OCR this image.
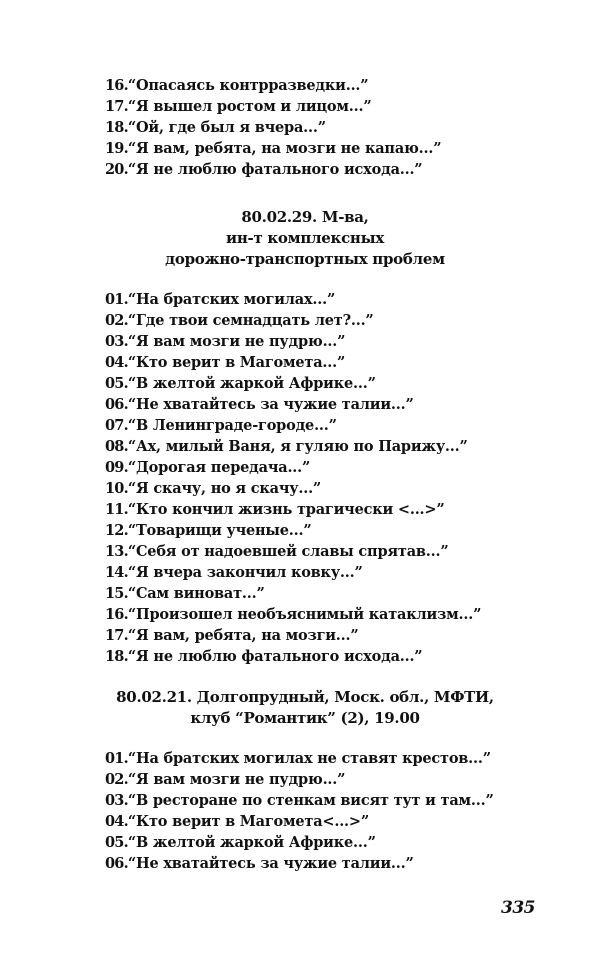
16.“Опасаясь контрразведки...”
17.“Я вышел ростом и лицом...”
18.“Ой, где был я вчера...”
19.“Я вам, ребята, на мозги не капаю...”
20.“Я не люблю фатального исхода...”
80.02.29. М-ва,
ин-т комплексных
дорожно-транспортных проблем
01.“На братских могилах...”
02.“Где твои семнадцать лет?...”
03.“Я вам мозги не пудрю...”
04.“Кто верит в Магомета...”
05.“В желтой жаркой Африке...”
06.“Не хватайтесь за чужие талии...”
07.“В Ленинграде-городе...”
08.“Ах, милый Ваня, я гуляю по Парижу...”
09.“Дорогая передача...”
10.“Я скачу, но я скачу...”
11.“Кто кончил жизнь трагически <...>”
12.“Товарищи ученые...”
13.“Себя от надоевшей славы спрятав...”
14.“Я вчера закончил ковку...”
15.“Сам виноват...”
16.“Произошел необъяснимый катаклизм...”
17.“Я вам, ребята, на мозги...”
18.“Я не люблю фатального исхода...”
80.02.21. Долгопрудный, Моск. обл., МФТИ,
клуб “Романтик” (2), 19.00
01.“На братских могилах не ставят крестов...”
02.“Я вам мозги не пудрю...”
03.“В ресторане по стенкам висят тут и там...”
04.“Кто верит в Магомета<...>”
05.“В желтой жаркой Африке...”
06.“Не хватайтесь за чужие талии...”
335
